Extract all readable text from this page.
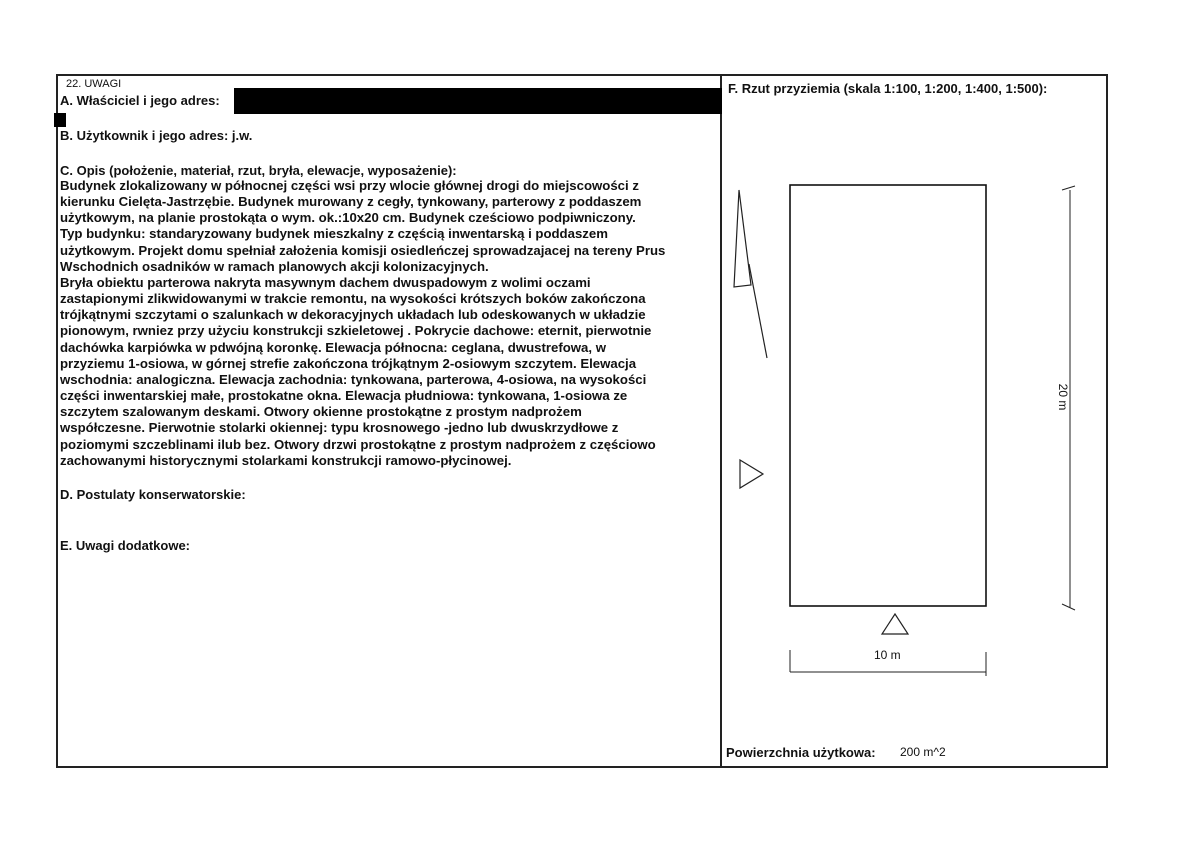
22. UWAGI
A. Właściciel i jego adres:
B. Użytkownik i jego adres: j.w.
C. Opis (położenie, materiał, rzut, bryła, elewacje, wyposażenie):
Budynek zlokalizowany w północnej części wsi przy wlocie głównej drogi do miejscowości z
kierunku Cielęta-Jastrzębie. Budynek murowany z cegły, tynkowany, parterowy z poddaszem
użytkowym, na planie prostokąta o wym. ok.:10x20 cm. Budynek cześciowo podpiwniczony.
Typ budynku: standaryzowany budynek mieszkalny z częścią inwentarską i poddaszem
użytkowym. Projekt domu spełniał założenia komisji osiedleńczej sprowadzajacej na tereny Prus
Wschodnich osadników w ramach planowych akcji kolonizacyjnych.
Bryła obiektu parterowa nakryta masywnym dachem dwuspadowym z wolimi oczami
zastapionymi zlikwidowanymi w trakcie remontu, na wysokości krótszych boków zakończona
trójkątnymi szczytami o szalunkach w dekoracyjnych układach lub odeskowanych w układzie
pionowym, rwniez przy użyciu konstrukcji szkieletowej . Pokrycie dachowe: eternit, pierwotnie
dachówka karpiówka w pdwójną koronkę. Elewacja północna: ceglana, dwustrefowa, w
przyziemu 1-osiowa, w górnej strefie zakończona trójkątnym 2-osiowym szczytem. Elewacja
wschodnia: analogiczna. Elewacja zachodnia: tynkowana, parterowa, 4-osiowa, na wysokości
części inwentarskiej małe, prostokatne okna. Elewacja płudniowa: tynkowana, 1-osiowa ze
szczytem szalowanym deskami. Otwory okienne prostokątne z prostym nadprożem
współczesne. Pierwotnie stolarki okiennej: typu krosnowego -jedno lub dwuskrzydłowe z
poziomymi szczeblinami ilub bez. Otwory drzwi prostokątne z prostym nadprożem z częściowo
zachowanymi historycznymi stolarkami konstrukcji ramowo-płycinowej.
D. Postulaty konserwatorskie:
E. Uwagi dodatkowe:
F. Rzut przyziemia (skala 1:100, 1:200, 1:400, 1:500):
20 m
10 m
Powierzchnia użytkowa: 200 m^2
